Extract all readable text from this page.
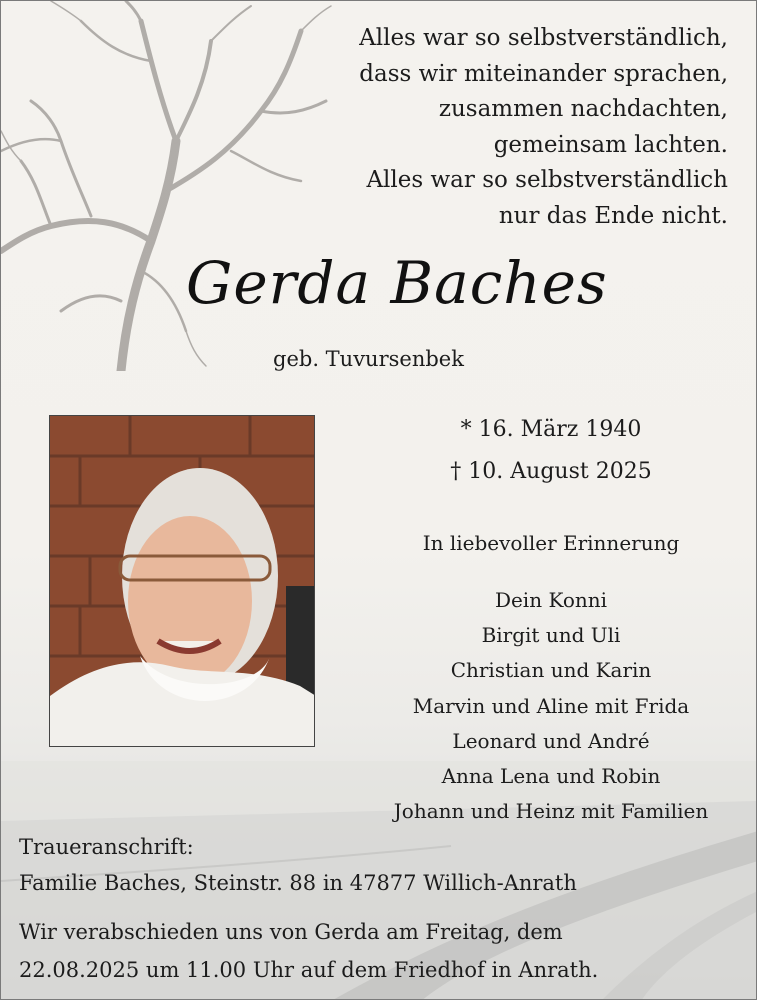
Alles war so selbstverständlich,
dass wir miteinander sprachen,
zusammen nachdachten,
gemeinsam lachten.
Alles war so selbstverständlich
nur das Ende nicht.
Gerda Baches
geb. Tuvursenbek
* 16. März 1940
† 10. August 2025
In liebevoller Erinnerung
Dein Konni
Birgit und Uli
Christian und Karin
Marvin und Aline mit Frida
Leonard und André
Anna Lena und Robin
Johann und Heinz mit Familien
Traueranschrift:
Familie Baches, Steinstr. 88 in 47877 Willich-Anrath
Wir verabschieden uns von Gerda am Freitag, dem
22.08.2025 um 11.00 Uhr auf dem Friedhof in Anrath.
